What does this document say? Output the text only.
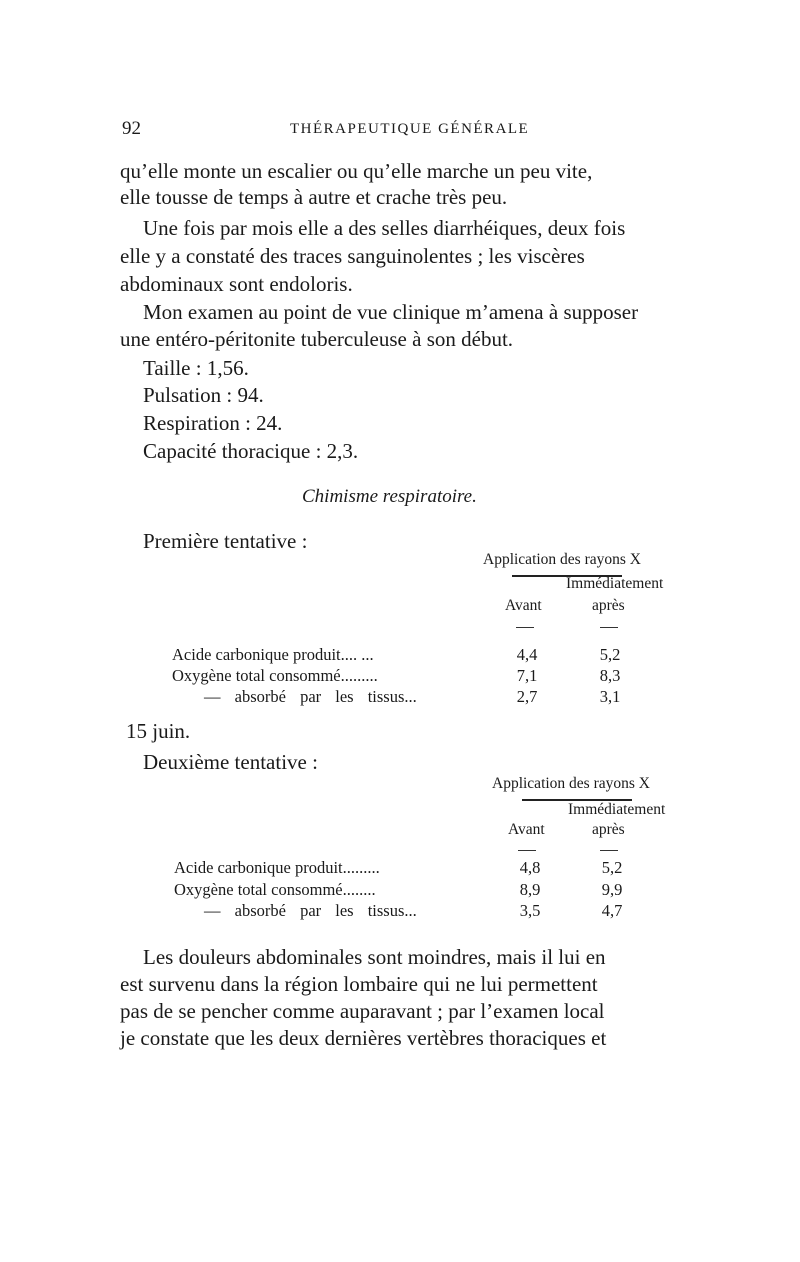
92	THÉRAPEUTIQUE GÉNÉRALE
qu’elle monte un escalier ou qu’elle marche un peu vite,
elle tousse de temps à autre et crache très peu.
Une fois par mois elle a des selles diarrhéiques, deux fois
elle y a constaté des traces sanguinolentes ; les viscères
abdominaux sont endoloris.
Mon examen au point de vue clinique m’amena à supposer
une entéro-péritonite tuberculeuse à son début.
Taille : 1,56.
Pulsation : 94.
Respiration : 24.
Capacité thoracique : 2,3.
Chimisme respiratoire.
Première tentative :
Application des rayons X
Immédiatement
Avant	après
Acide carbonique produit.... ...	4,4	5,2
Oxygène total consommé.........	7,1	8,3
— absorbé par les tissus...	2,7	3,1
15 juin.
Deuxième tentative :
Application des rayons X
Immédiatement
Avant	après
Acide carbonique produit.........	4,8	5,2
Oxygène total consommé........	8,9	9,9
— absorbé par les tissus...	3,5	4,7
Les douleurs abdominales sont moindres, mais il lui en
est survenu dans la région lombaire qui ne lui permettent
pas de se pencher comme auparavant ; par l’examen local
je constate que les deux dernières vertèbres thoraciques et
